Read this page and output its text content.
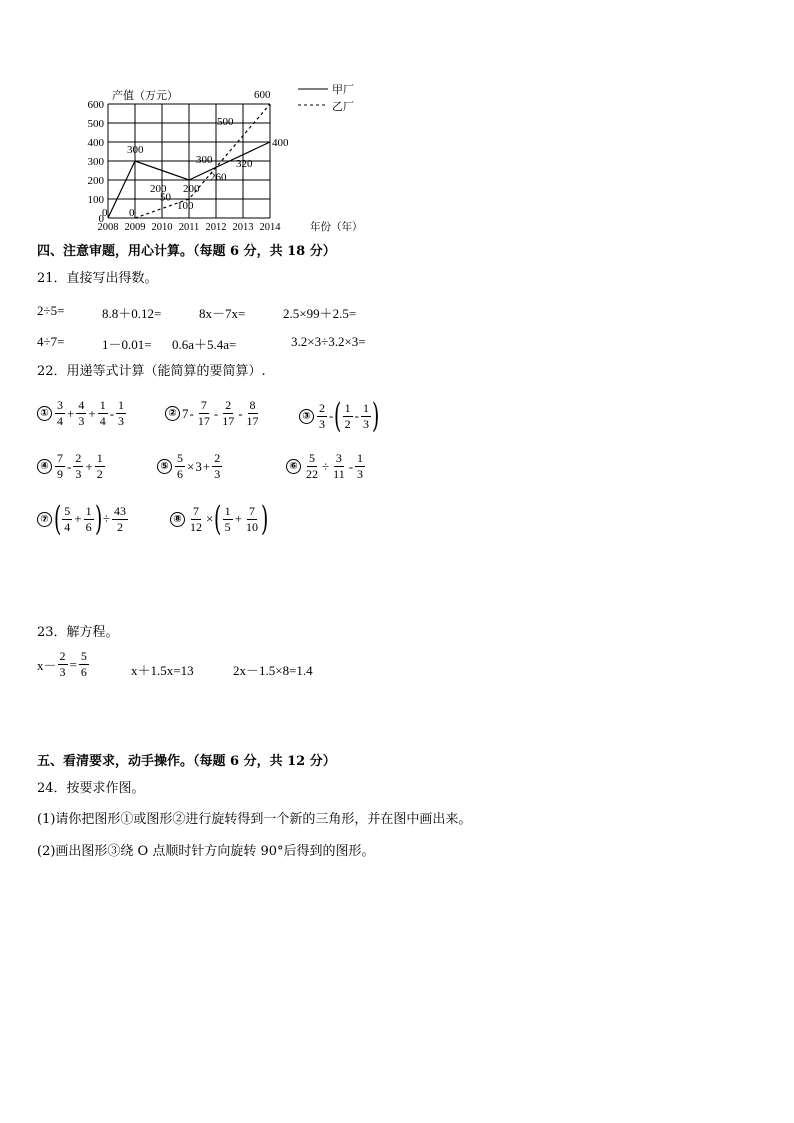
600
500
400
300
200
100
0
2008 2009 2010 2011 2012 2013 2014
0
300
200 200
320
400
0
50
100
260
300
500
600
产值（万元）
年份（年）
甲厂
乙厂
四、注意审题，用心计算。（每题 6 分，共 18 分）
21．直接写出得数。
2÷5=	8.8＋0.12=	8x－7x=	2.5×99＋2.5=
4÷7=	1－0.01= 0.6a＋5.4a=	3.2×3÷3.2×3=
22．用递等式计算（能简算的要简算）.
① $\frac{3}{4} + \frac{4}{3} + \frac{1}{4} - \frac{1}{3}$	② $7 - \frac{7}{17} - \frac{2}{17} - \frac{8}{17}$	③ $\frac{2}{3}$ - ( $\frac{1}{2} - \frac{1}{3}$ )
④ $\frac{7}{9} - \frac{2}{3} + \frac{1}{2}$	⑤ $\frac{5}{6} \times 3 + \frac{2}{3}$	⑥ $\frac{5}{22} \div \frac{3}{11} - \frac{1}{3}$
⑦ ( $\frac{5}{4} + \frac{1}{6}$ ) ÷ $\frac{43}{2}$	⑧ $\frac{7}{12}$ × ( $\frac{1}{5} + \frac{7}{10}$ )
23．解方程。
$x- \frac{2}{3} = \frac{5}{6}$	x＋1.5x=13	2x－1.5×8=1.4
五、看清要求，动手操作。（每题 6 分，共 12 分）
24．按要求作图。
(1)请你把图形①或图形②进行旋转得到一个新的三角形，并在图中画出来。
(2)画出图形③绕 O 点顺时针方向旋转 90°后得到的图形。
